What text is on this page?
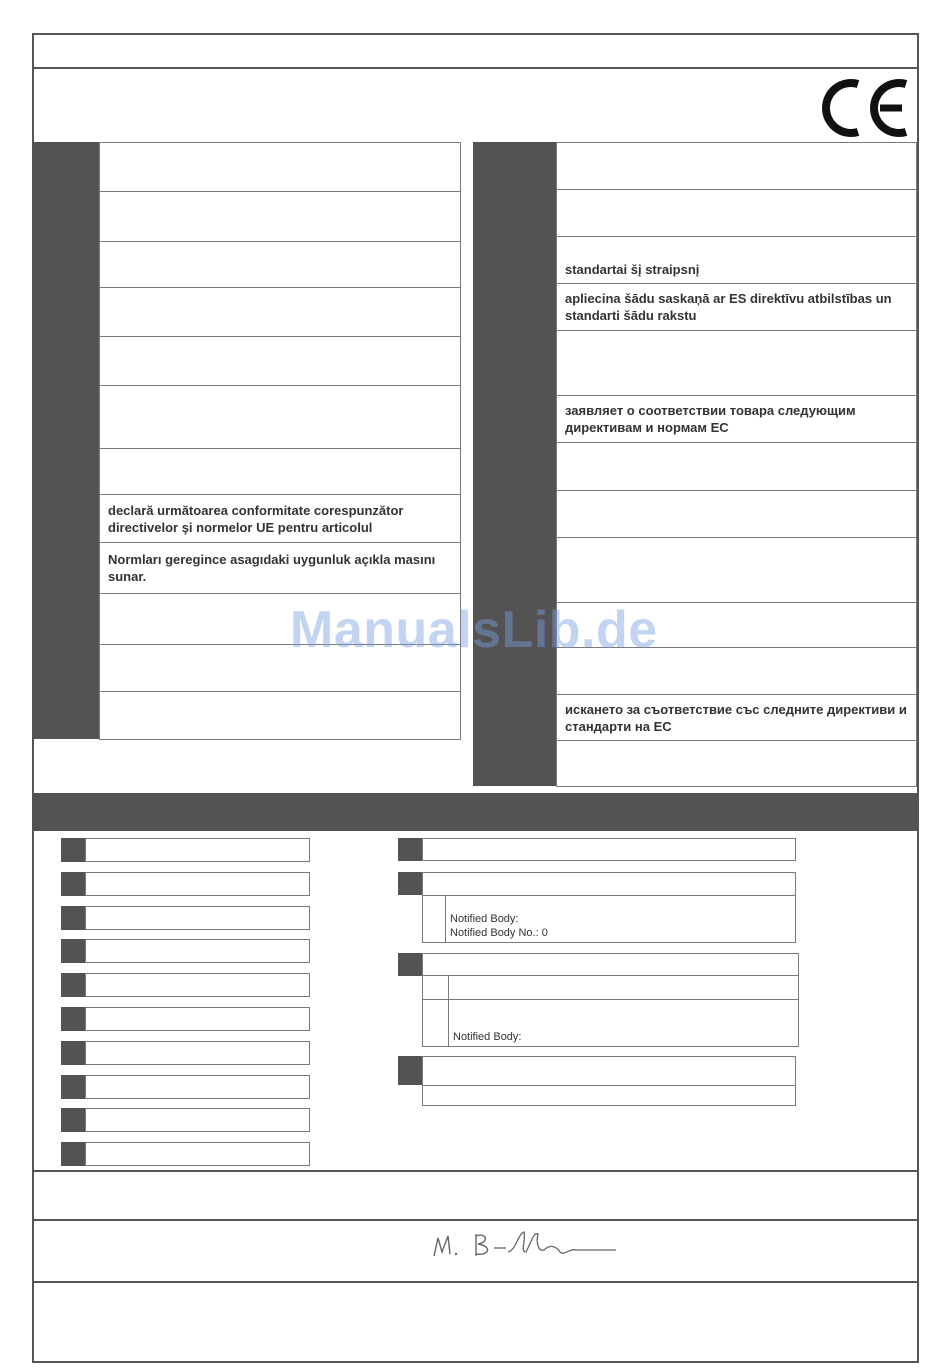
declară următoarea conformitate corespunzător directivelor şi normelor UE pentru articolul
Normları geregince asagıdaki uygunluk açıkla masını sunar.
standartai šį straipsnį
apliecina šādu saskaņā ar ES direktīvu atbilstības un standarti šādu rakstu
заявляет о соответствии товара следующим директивам и нормам ЕС
искането за съответствие със следните директиви и стандарти на ЕС
ManualsLib.de
Notified Body:
Notified Body No.: 0
Notified Body:
